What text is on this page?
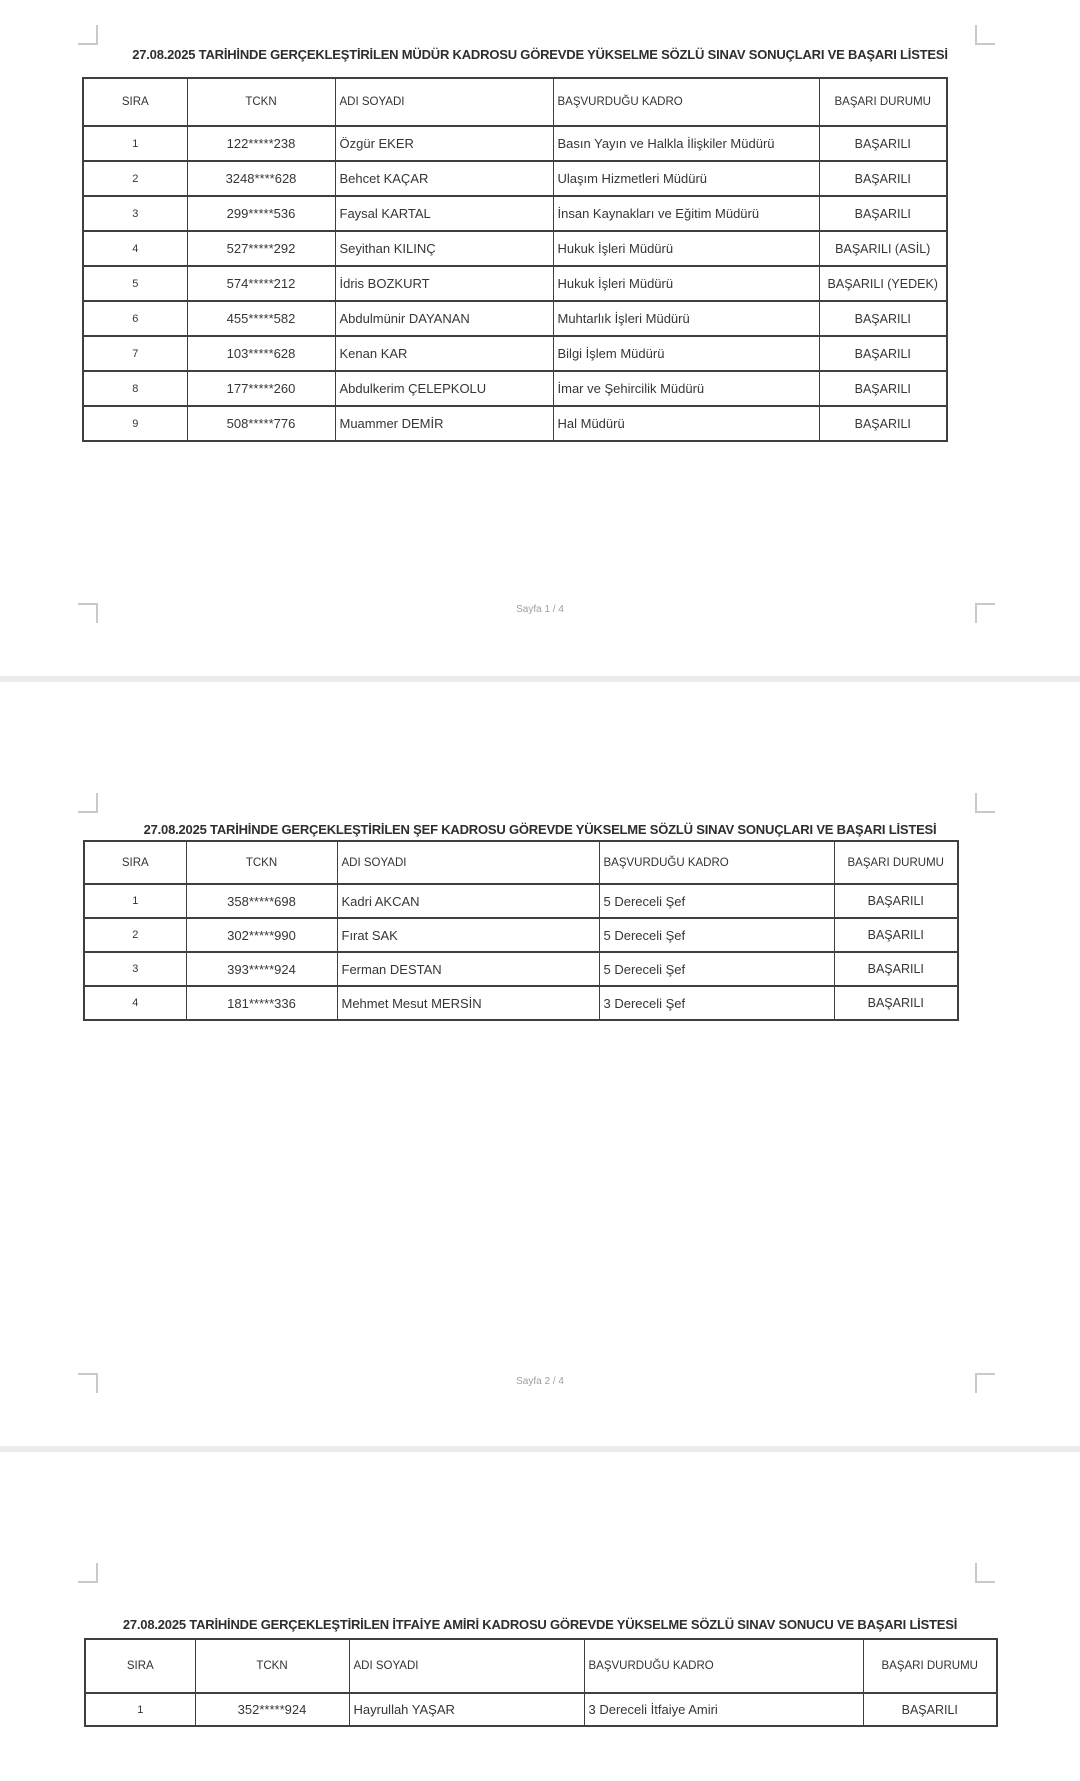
27.08.2025 TARİHİNDE GERÇEKLEŞTİRİLEN MÜDÜR KADROSU GÖREVDE YÜKSELME SÖZLÜ SINAV SONUÇLARI VE BAŞARI LİSTESİ
SIRA	TCKN	ADI SOYADI	BAŞVURDUĞU KADRO	BAŞARI DURUMU
1	122*****238	Özgür EKER	Basın Yayın ve Halkla İlişkiler Müdürü	BAŞARILI
2	3248****628	Behcet KAÇAR	Ulaşım Hizmetleri Müdürü	BAŞARILI
3	299*****536	Faysal KARTAL	İnsan Kaynakları ve Eğitim Müdürü	BAŞARILI
4	527*****292	Seyithan KILINÇ	Hukuk İşleri Müdürü	BAŞARILI (ASİL)
5	574*****212	İdris BOZKURT	Hukuk İşleri Müdürü	BAŞARILI (YEDEK)
6	455*****582	Abdulmünir DAYANAN	Muhtarlık İşleri Müdürü	BAŞARILI
7	103*****628	Kenan KAR	Bilgi İşlem Müdürü	BAŞARILI
8	177*****260	Abdulkerim ÇELEPKOLU	İmar ve Şehircilik Müdürü	BAŞARILI
9	508*****776	Muammer DEMİR	Hal Müdürü	BAŞARILI
Sayfa 1 / 4
27.08.2025 TARİHİNDE GERÇEKLEŞTİRİLEN ŞEF KADROSU GÖREVDE YÜKSELME SÖZLÜ SINAV SONUÇLARI VE BAŞARI LİSTESİ
SIRA	TCKN	ADI SOYADI	BAŞVURDUĞU KADRO	BAŞARI DURUMU
1	358*****698	Kadri AKCAN	5 Dereceli Şef	BAŞARILI
2	302*****990	Fırat SAK	5 Dereceli Şef	BAŞARILI
3	393*****924	Ferman DESTAN	5 Dereceli Şef	BAŞARILI
4	181*****336	Mehmet Mesut MERSİN	3 Dereceli Şef	BAŞARILI
Sayfa 2 / 4
27.08.2025 TARİHİNDE GERÇEKLEŞTİRİLEN İTFAİYE AMİRİ KADROSU GÖREVDE YÜKSELME SÖZLÜ SINAV SONUCU VE BAŞARI LİSTESİ
SIRA	TCKN	ADI SOYADI	BAŞVURDUĞU KADRO	BAŞARI DURUMU
1	352*****924	Hayrullah YAŞAR	3 Dereceli İtfaiye Amiri	BAŞARILI
